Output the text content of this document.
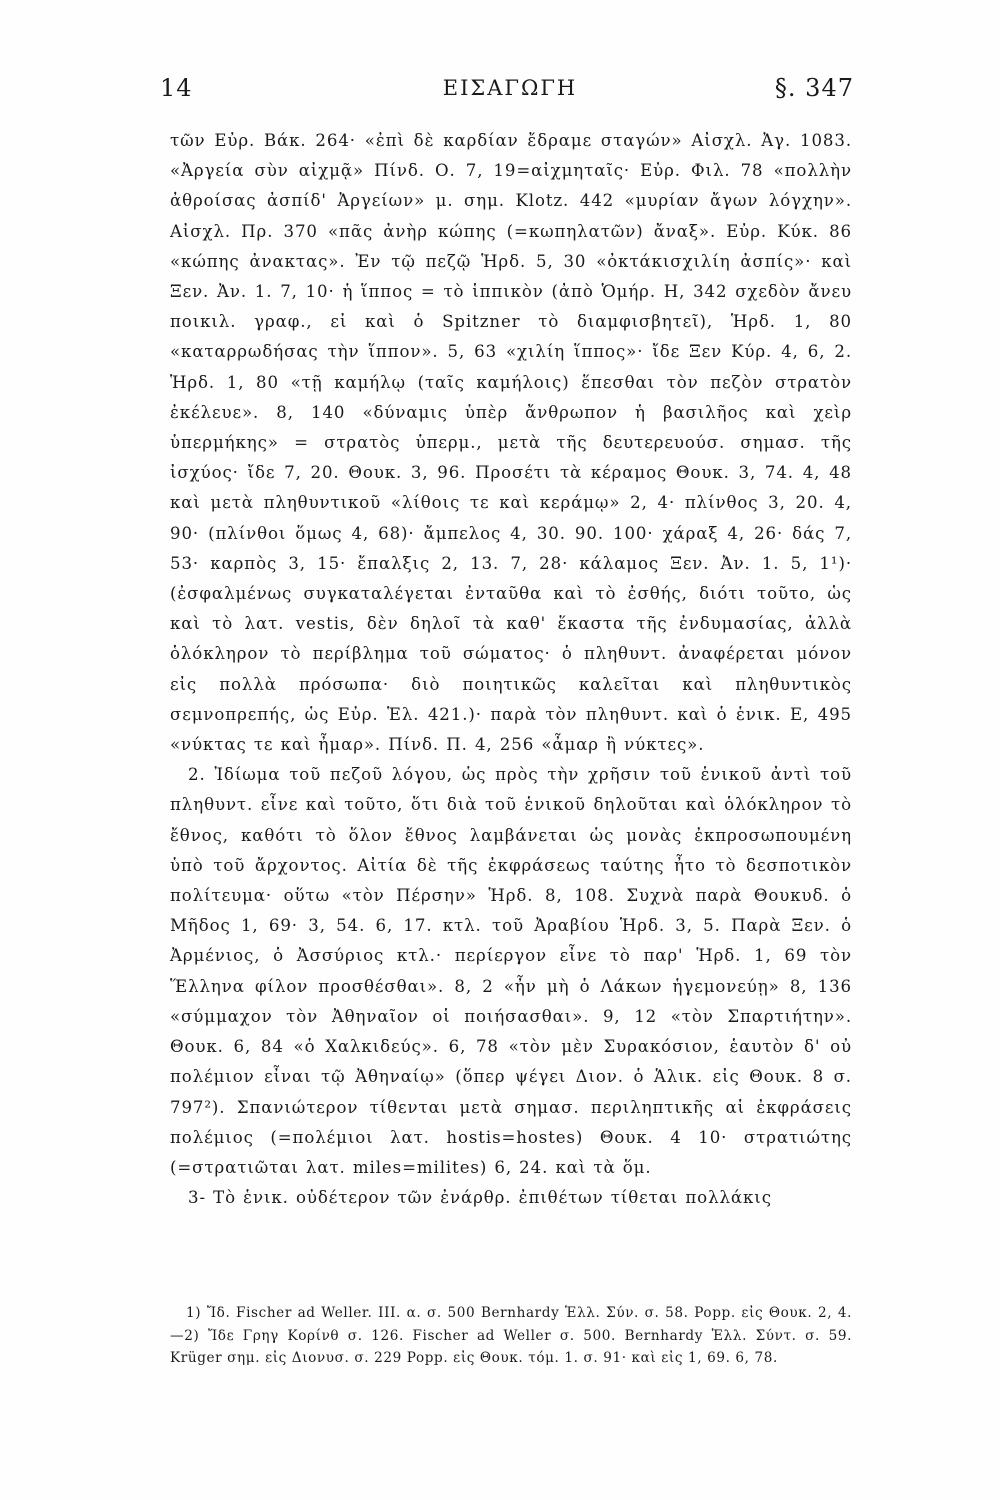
14	ΕΙΣΑΓΩΓΗ	§. 347

τῶν Εὐρ. Βάκ. 264· «ἐπὶ δὲ καρδίαν ἔδραμε σταγών» Αἰσχλ. Ἀγ. 1083. «Ἀργεία σὺν αἰχμᾷ» Πίνδ. Ο. 7, 19=αἰχμηταῖς· Εὐρ. Φιλ. 78 «πολλὴν ἀθροίσας ἀσπίδ' Ἀργείων» μ. σημ. Klotz. 442 «μυρίαν ἄγων λόγχην». Αἰσχλ. Πρ. 370 «πᾶς ἀνὴρ κώπης (=κωπηλατῶν) ἄναξ». Εὐρ. Κύκ. 86 «κώπης ἀνακτας». Ἐν τῷ πεζῷ Ἡρδ. 5, 30 «ὀκτάκισχιλίη ἀσπίς»· καὶ Ξεν. Ἀν. 1. 7, 10· ἡ ἵππος = τὸ ἱππικὸν (ἀπὸ Ὁμήρ. Η, 342 σχεδὸν ἄνευ ποικιλ. γραφ., εἰ καὶ ὁ Spitzner τὸ διαμφισβητεῖ), Ἡρδ. 1, 80 «καταρρωδήσας τὴν ἵππον». 5, 63 «χιλίη ἵππος»· ἴδε Ξεν Κύρ. 4, 6, 2. Ἡρδ. 1, 80 «τῇ καμήλῳ (ταῖς καμήλοις) ἕπεσθαι τὸν πεζὸν στρατὸν ἐκέλευε». 8, 140 «δύναμις ὑπὲρ ἄνθρωπον ἡ βασιλῆος καὶ χεὶρ ὑπερμήκης» = στρατὸς ὑπερμ., μετὰ τῆς δευτερευούσ. σημασ. τῆς ἰσχύος· ἴδε 7, 20. Θουκ. 3, 96. Προσέτι τὰ κέραμος Θουκ. 3, 74. 4, 48 καὶ μετὰ πληθυντικοῦ «λίθοις τε καὶ κεράμῳ» 2, 4· πλίνθος 3, 20. 4, 90· (πλίνθοι ὅμως 4, 68)· ἄμπελος 4, 30. 90. 100· χάραξ 4, 26· δάς 7, 53· καρπὸς 3, 15· ἔπαλξις 2, 13. 7, 28· κάλαμος Ξεν. Ἀν. 1. 5, 1¹)· (ἐσφαλμένως συγκαταλέγεται ἐνταῦθα καὶ τὸ ἐσθής, διότι τοῦτο, ὡς καὶ τὸ λατ. vestis, δὲν δηλοῖ τὰ καθ' ἕκαστα τῆς ἐνδυμασίας, ἀλλὰ ὁλόκληρον τὸ περίβλημα τοῦ σώματος· ὁ πληθυντ. ἀναφέρεται μόνον εἰς πολλὰ πρόσωπα· διὸ ποιητικῶς καλεῖται καὶ πληθυντικὸς σεμνοπρεπής, ὡς Εὐρ. Ἑλ. 421.)· παρὰ τὸν πληθυντ. καὶ ὁ ἑνικ. Ε, 495 «νύκτας τε καὶ ἦμαρ». Πίνδ. Π. 4, 256 «ἆμαρ ἢ νύκτες».

2. Ἰδίωμα τοῦ πεζοῦ λόγου, ὡς πρὸς τὴν χρῆσιν τοῦ ἑνικοῦ ἀντὶ τοῦ πληθυντ. εἶνε καὶ τοῦτο, ὅτι διὰ τοῦ ἑνικοῦ δηλοῦται καὶ ὁλόκληρον τὸ ἔθνος, καθότι τὸ ὅλον ἔθνος λαμβάνεται ὡς μονὰς ἐκπροσωπουμένη ὑπὸ τοῦ ἄρχοντος. Αἰτία δὲ τῆς ἐκφράσεως ταύτης ἦτο τὸ δεσποτικὸν πολίτευμα· οὕτω «τὸν Πέρσην» Ἡρδ. 8, 108. Συχνὰ παρὰ Θουκυδ. ὁ Μῆδος 1, 69· 3, 54. 6, 17. κτλ. τοῦ Ἀραβίου Ἡρδ. 3, 5. Παρὰ Ξεν. ὁ Ἀρμένιος, ὁ Ἀσσύριος κτλ.· περίεργον εἶνε τὸ παρ' Ἡρδ. 1, 69 τὸν Ἕλληνα φίλον προσθέσθαι». 8, 2 «ἦν μὴ ὁ Λάκων ἡγεμονεύῃ» 8, 136 «σύμμαχον τὸν Ἀθηναῖον οἱ ποιήσασθαι». 9, 12 «τὸν Σπαρτιήτην». Θουκ. 6, 84 «ὁ Χαλκιδεύς». 6, 78 «τὸν μὲν Συρακόσιον, ἑαυτὸν δ' οὐ πολέμιον εἶναι τῷ Ἀθηναίῳ» (ὅπερ ψέγει Διον. ὁ Ἁλικ. εἰς Θουκ. 8 σ. 797²). Σπανιώτερον τίθενται μετὰ σημασ. περιληπτικῆς αἱ ἐκφράσεις πολέμιος (=πολέμιοι λατ. hostis=hostes) Θουκ. 4 10· στρατιώτης (=στρατιῶται λατ. miles=milites) 6, 24. καὶ τὰ ὅμ.

3- Τὸ ἑνικ. οὐδέτερον τῶν ἐνάρθρ. ἐπιθέτων τίθεται πολλάκις

1) Ἴδ. Fischer ad Weller. III. α. σ. 500 Bernhardy Ἑλλ. Σύν. σ. 58. Popp. εἰς Θουκ. 2, 4.—2) Ἴδε Γρηγ Κορίνθ σ. 126. Fischer ad Weller σ. 500. Bernhardy Ἑλλ. Σύντ. σ. 59. Krüger σημ. εἰς Διονυσ. σ. 229 Popp. εἰς Θουκ. τόμ. 1. σ. 91· καὶ εἰς 1, 69. 6, 78.
